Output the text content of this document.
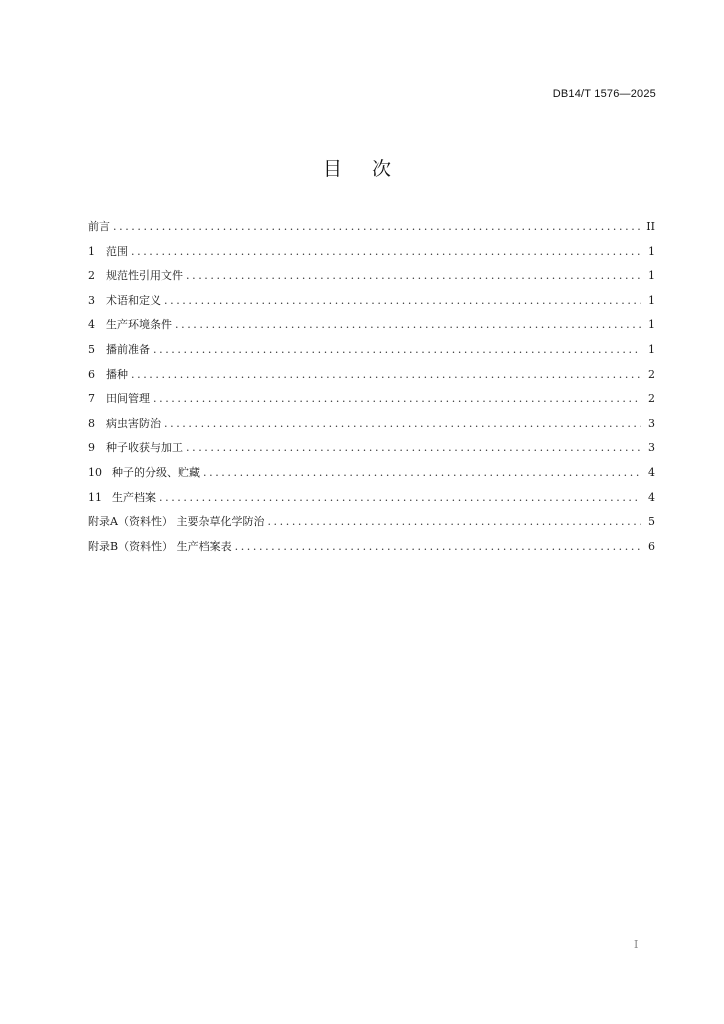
DB14/T 1576—2025
目次
前言 .....	II
1 范围 .....	1
2 规范性引用文件 .....	1
3 术语和定义 .....	1
4 生产环境条件 .....	1
5 播前准备 .....	1
6 播种 .....	2
7 田间管理 .....	2
8 病虫害防治 .....	3
9 种子收获与加工 .....	3
10 种子的分级、贮藏 .....	4
11 生产档案 .....	4
附录A（资料性） 主要杂草化学防治 .....	5
附录B（资料性） 生产档案表 .....	6
I
